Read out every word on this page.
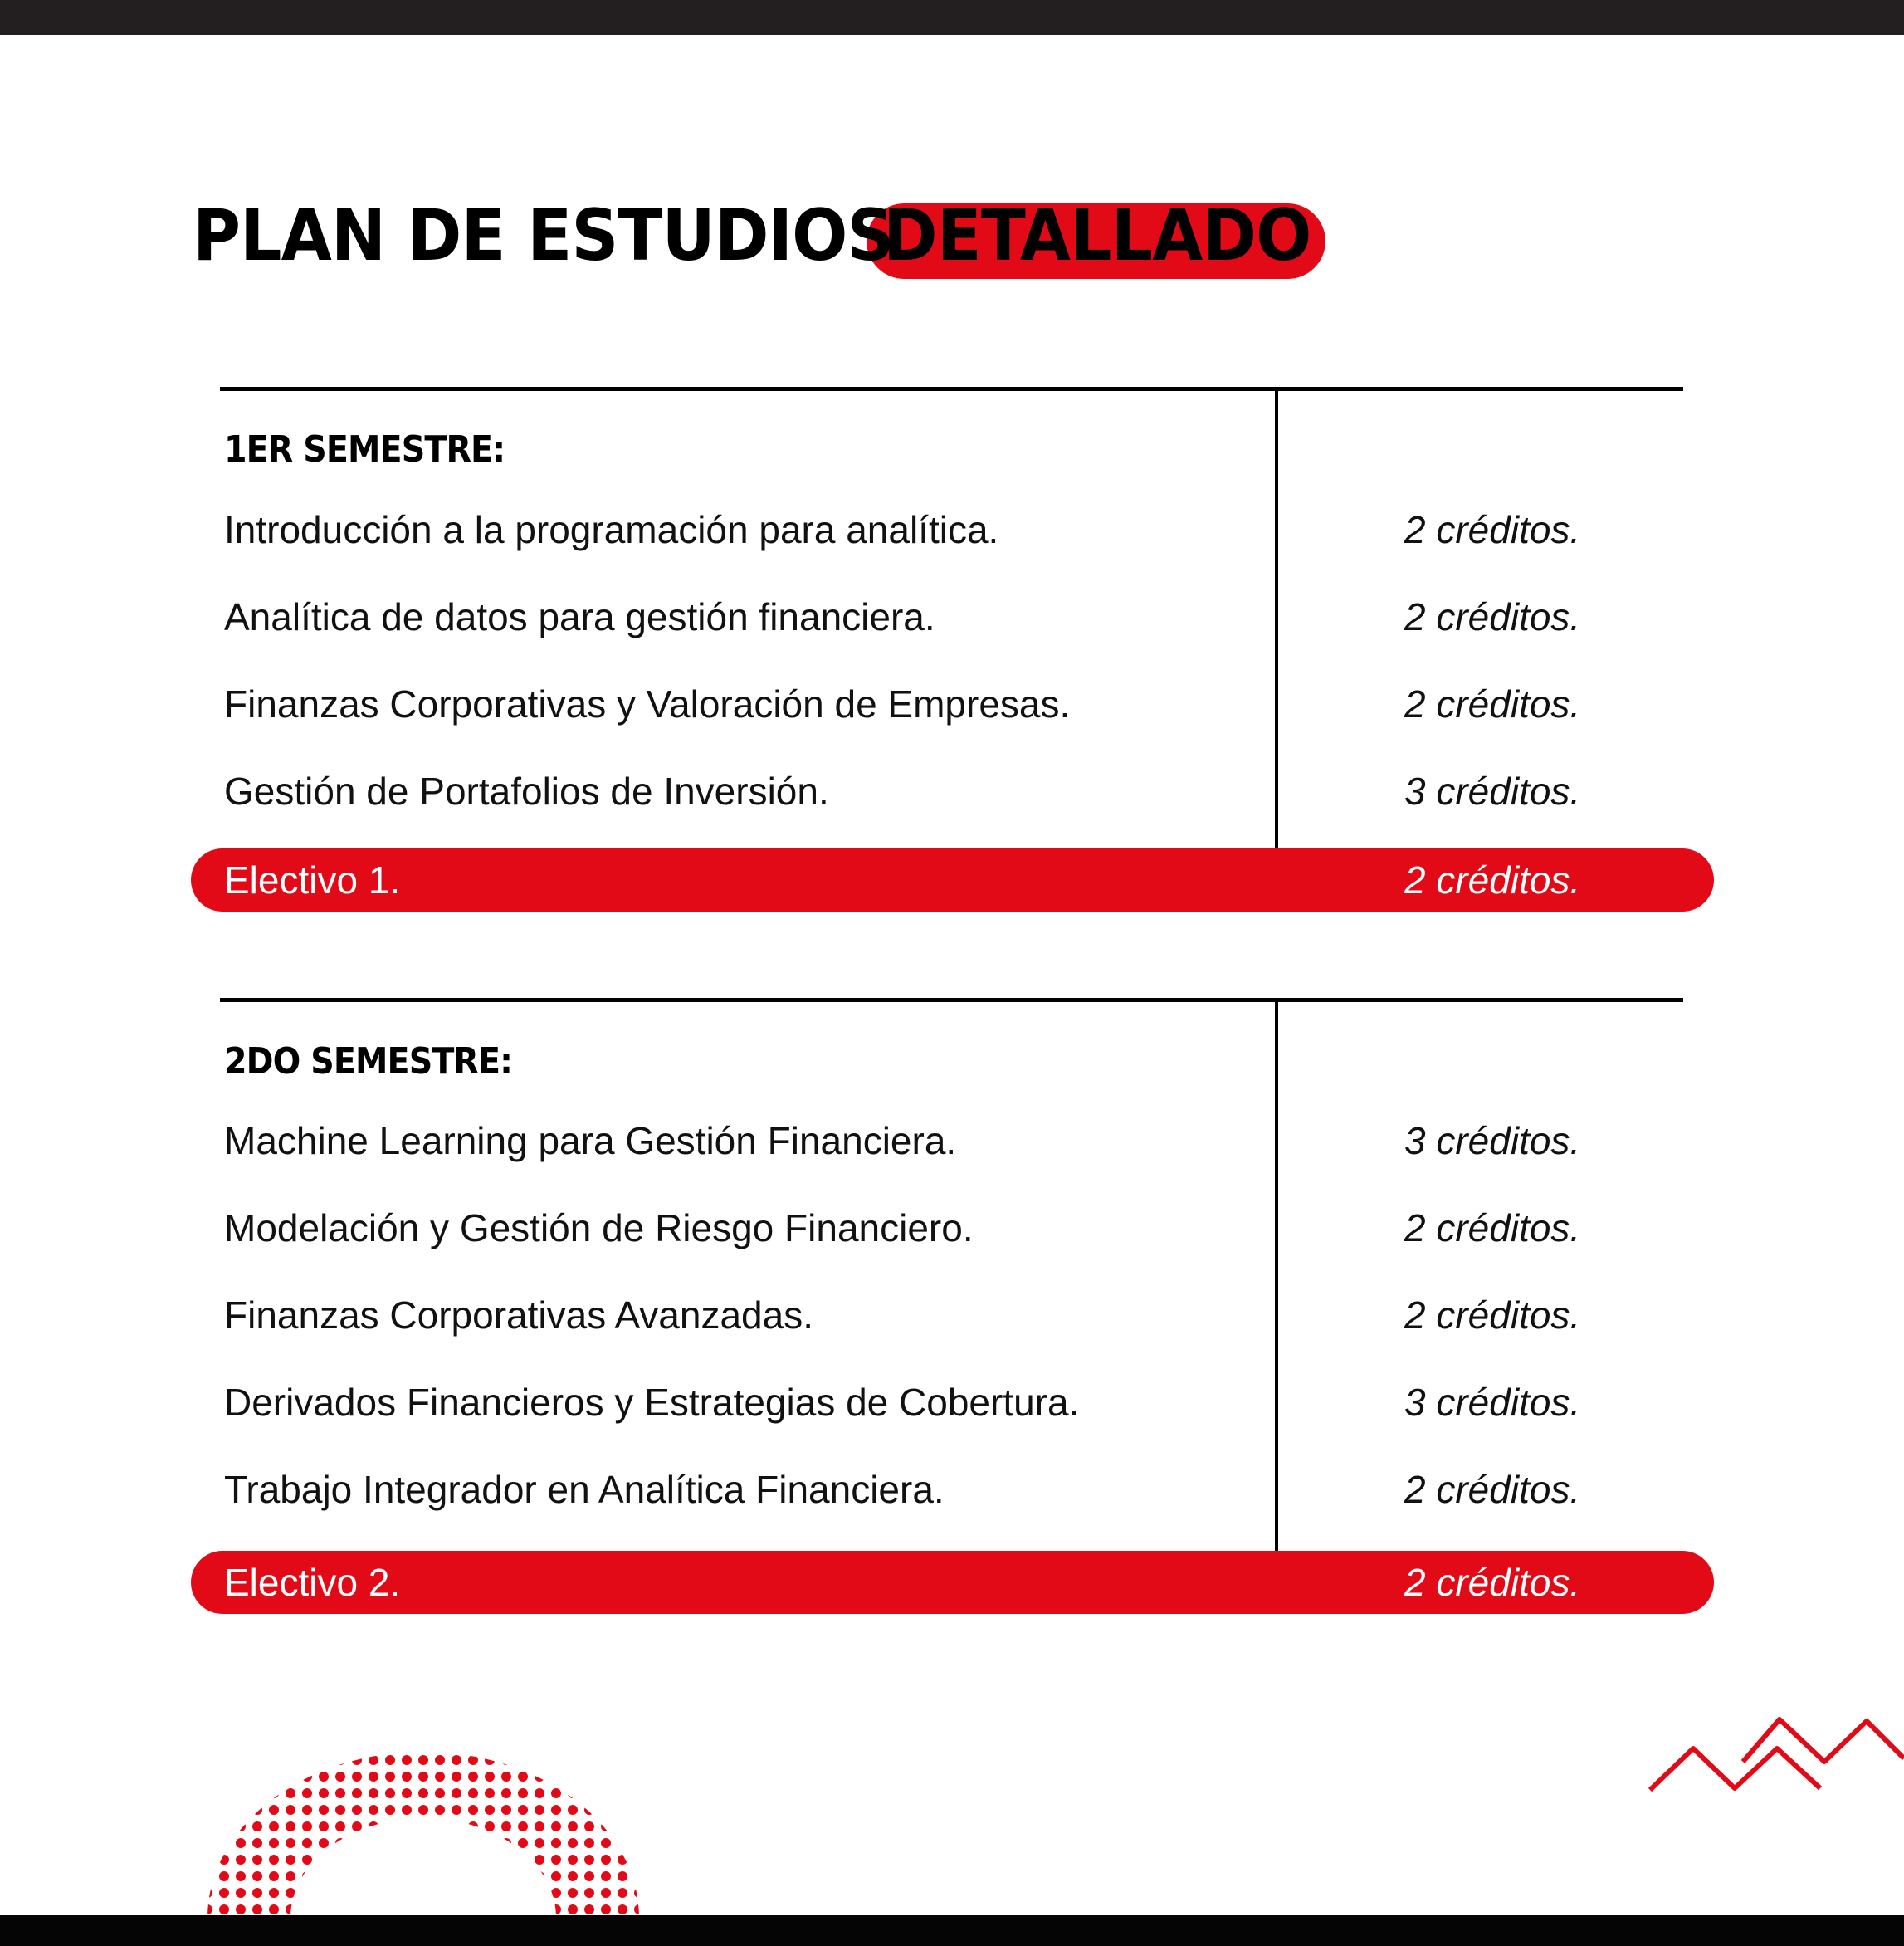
PLAN DE ESTUDIOS
DETALLADO
1ER SEMESTRE:
Introducción a la programación para analítica.	2 créditos.
Analítica de datos para gestión financiera.	2 créditos.
Finanzas Corporativas y Valoración de Empresas.	2 créditos.
Gestión de Portafolios de Inversión.	3 créditos.
Electivo 1.	2 créditos.
2DO SEMESTRE:
Machine Learning para Gestión Financiera.	3 créditos.
Modelación y Gestión de Riesgo Financiero.	2 créditos.
Finanzas Corporativas Avanzadas.	2 créditos.
Derivados Financieros y Estrategias de Cobertura.	3 créditos.
Trabajo Integrador en Analítica Financiera.	2 créditos.
Electivo 2.	2 créditos.
